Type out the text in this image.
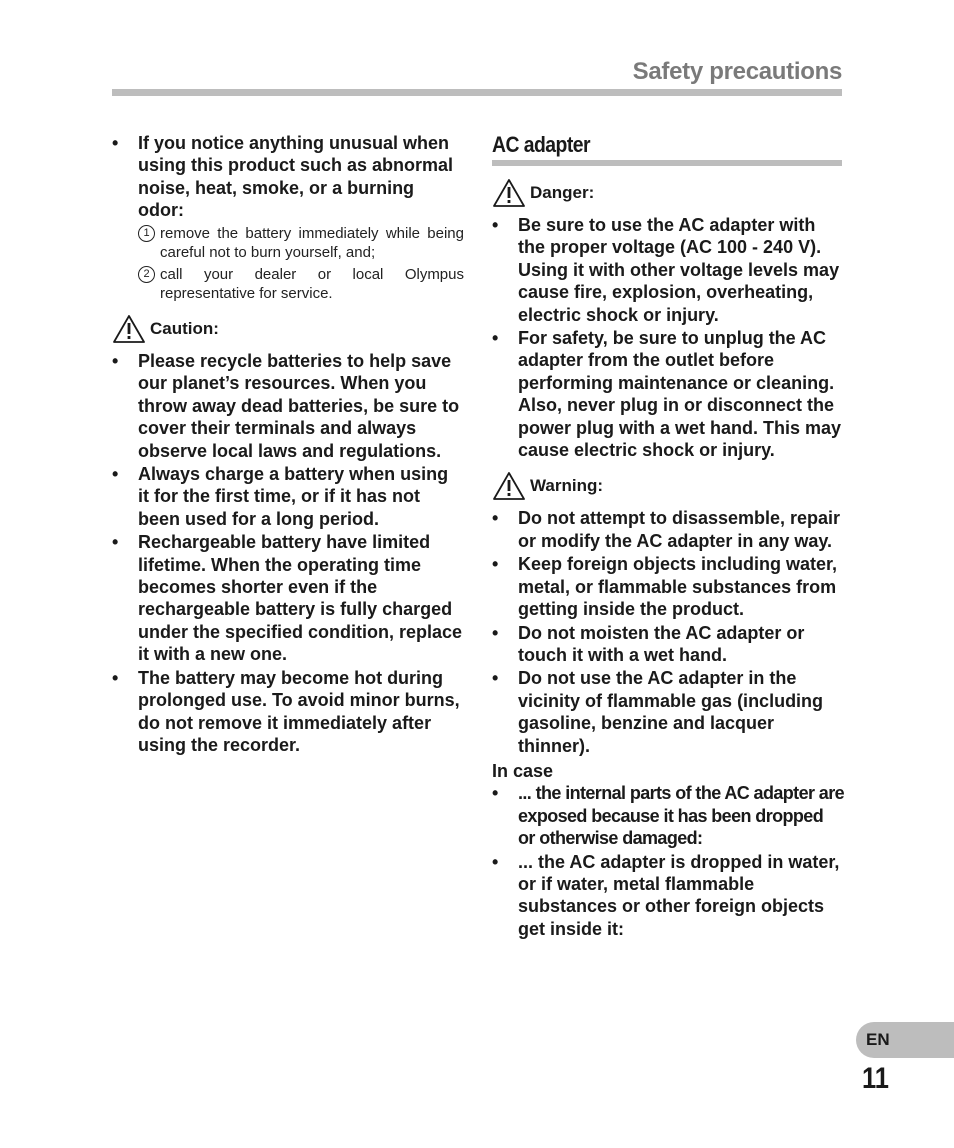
Safety precautions
• If you notice anything unusual when using this product such as abnormal noise, heat, smoke, or a burning odor:
1 remove the battery immediately while being careful not to burn yourself, and;
2 call your dealer or local Olympus representative for service.
Caution:
• Please recycle batteries to help save our planet’s resources. When you throw away dead batteries, be sure to cover their terminals and always observe local laws and regulations.
• Always charge a battery when using it for the first time, or if it has not been used for a long period.
• Rechargeable battery have limited lifetime. When the operating time becomes shorter even if the rechargeable battery is fully charged under the specified condition, replace it with a new one.
• The battery may become hot during prolonged use. To avoid minor burns, do not remove it immediately after using the recorder.
AC adapter
Danger:
• Be sure to use the AC adapter with the proper voltage (AC 100 - 240 V). Using it with other voltage levels may cause fire, explosion, overheating, electric shock or injury.
• For safety, be sure to unplug the AC adapter from the outlet before performing maintenance or cleaning. Also, never plug in or disconnect the power plug with a wet hand. This may cause electric shock or injury.
Warning:
• Do not attempt to disassemble, repair or modify the AC adapter in any way.
• Keep foreign objects including water, metal, or flammable substances from getting inside the product.
• Do not moisten the AC adapter or touch it with a wet hand.
• Do not use the AC adapter in the vicinity of flammable gas (including gasoline, benzine and lacquer thinner).
In case
• ... the internal parts of the AC adapter are exposed because it has been dropped or otherwise damaged:
• ... the AC adapter is dropped in water, or if water, metal flammable substances or other foreign objects get inside it:
EN
11
